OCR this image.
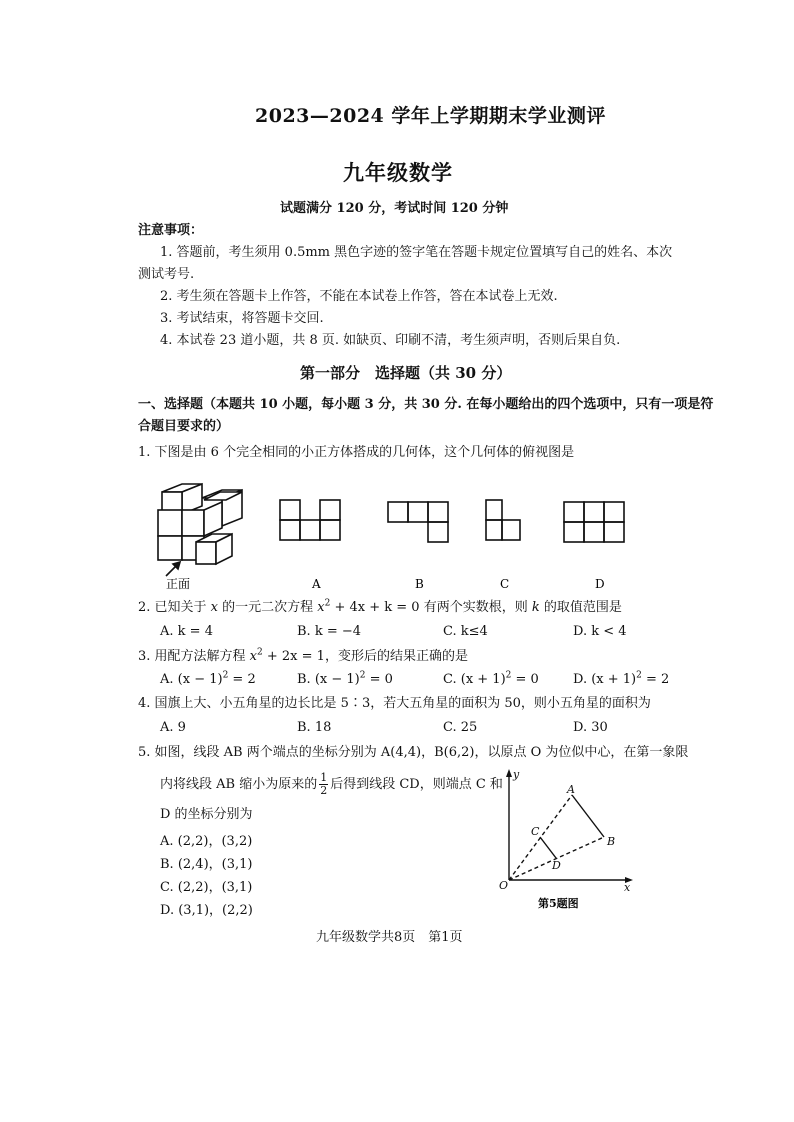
2023—2024 学年上学期期末学业测评
九年级数学
试题满分 120 分，考试时间 120 分钟
注意事项：
1. 答题前，考生须用 0.5mm 黑色字迹的签字笔在答题卡规定位置填写自己的姓名、本次
测试考号.
2. 考生须在答题卡上作答，不能在本试卷上作答，答在本试卷上无效.
3. 考试结束，将答题卡交回.
4. 本试卷 23 道小题，共 8 页. 如缺页、印刷不清，考生须声明，否则后果自负.
第一部分　选择题（共 30 分）
一、选择题（本题共 10 小题，每小题 3 分，共 30 分. 在每小题给出的四个选项中，只有一项是符
合题目要求的）
1. 下图是由 6 个完全相同的小正方体搭成的几何体，这个几何体的俯视图是
正面	A	B	C	D
2. 已知关于 x 的一元二次方程 $x^2 + 4x + k = 0$ 有两个实数根，则 k 的取值范围是
A. k = 4	B. k = −4	C. k≤4	D. k < 4
3. 用配方法解方程 $x^2 + 2x = 1$，变形后的结果正确的是
A. $(x - 1)^2 = 2$	B. $(x - 1)^2 = 0$	C. $(x + 1)^2 = 0$	D. $(x + 1)^2 = 2$
4. 国旗上大、小五角星的边长比是 5∶3，若大五角星的面积为 50，则小五角星的面积为
A. 9	B. 18	C. 25	D. 30
5. 如图，线段 AB 两个端点的坐标分别为 A(4,4)，B(6,2)，以原点 O 为位似中心，在第一象限
内将线段 AB 缩小为原来的 $\frac{1}{2}$ 后得到线段 CD，则端点 C 和
D 的坐标分别为
A. (2,2)，(3,2)
B. (2,4)，(3,1)
C. (2,2)，(3,1)
D. (3,1)，(2,2)
y
x
O
A
B
C
D
第5题图
九年级数学共8页　第1页
